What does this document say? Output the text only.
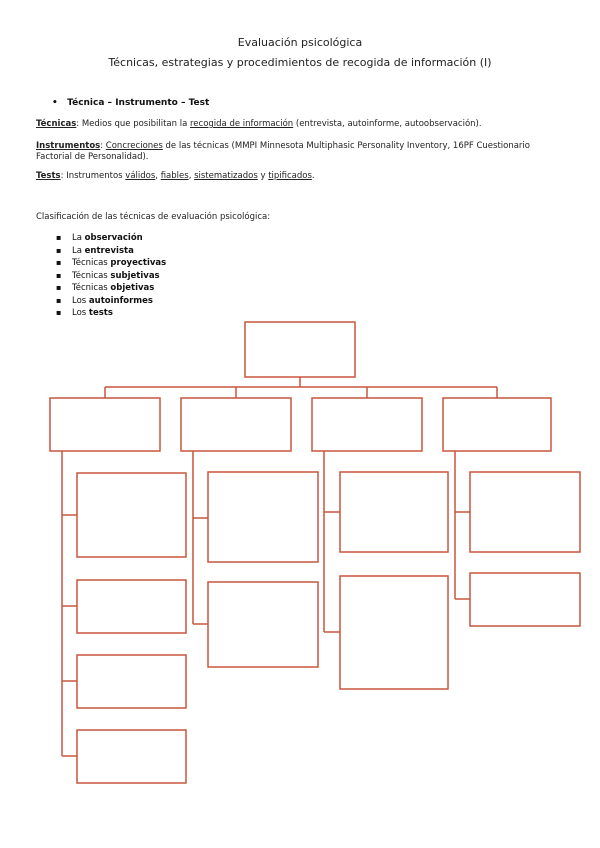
Evaluación psicológica
Técnicas, estrategias y procedimientos de recogida de información (I)
• Técnica – Instrumento – Test
Técnicas: Medios que posibilitan la recogida de información (entrevista, autoinforme, autoobservación).
Instrumentos: Concreciones de las técnicas (MMPI Minnesota Multiphasic Personality Inventory, 16PF Cuestionario Factorial de Personalidad).
Tests: Instrumentos válidos, fiables, sistematizados y tipificados.
Clasificación de las técnicas de evaluación psicológica:
▪ La observación
▪ La entrevista
▪ Técnicas proyectivas
▪ Técnicas subjetivas
▪ Técnicas objetivas
▪ Los autoinformes
▪ Los tests
